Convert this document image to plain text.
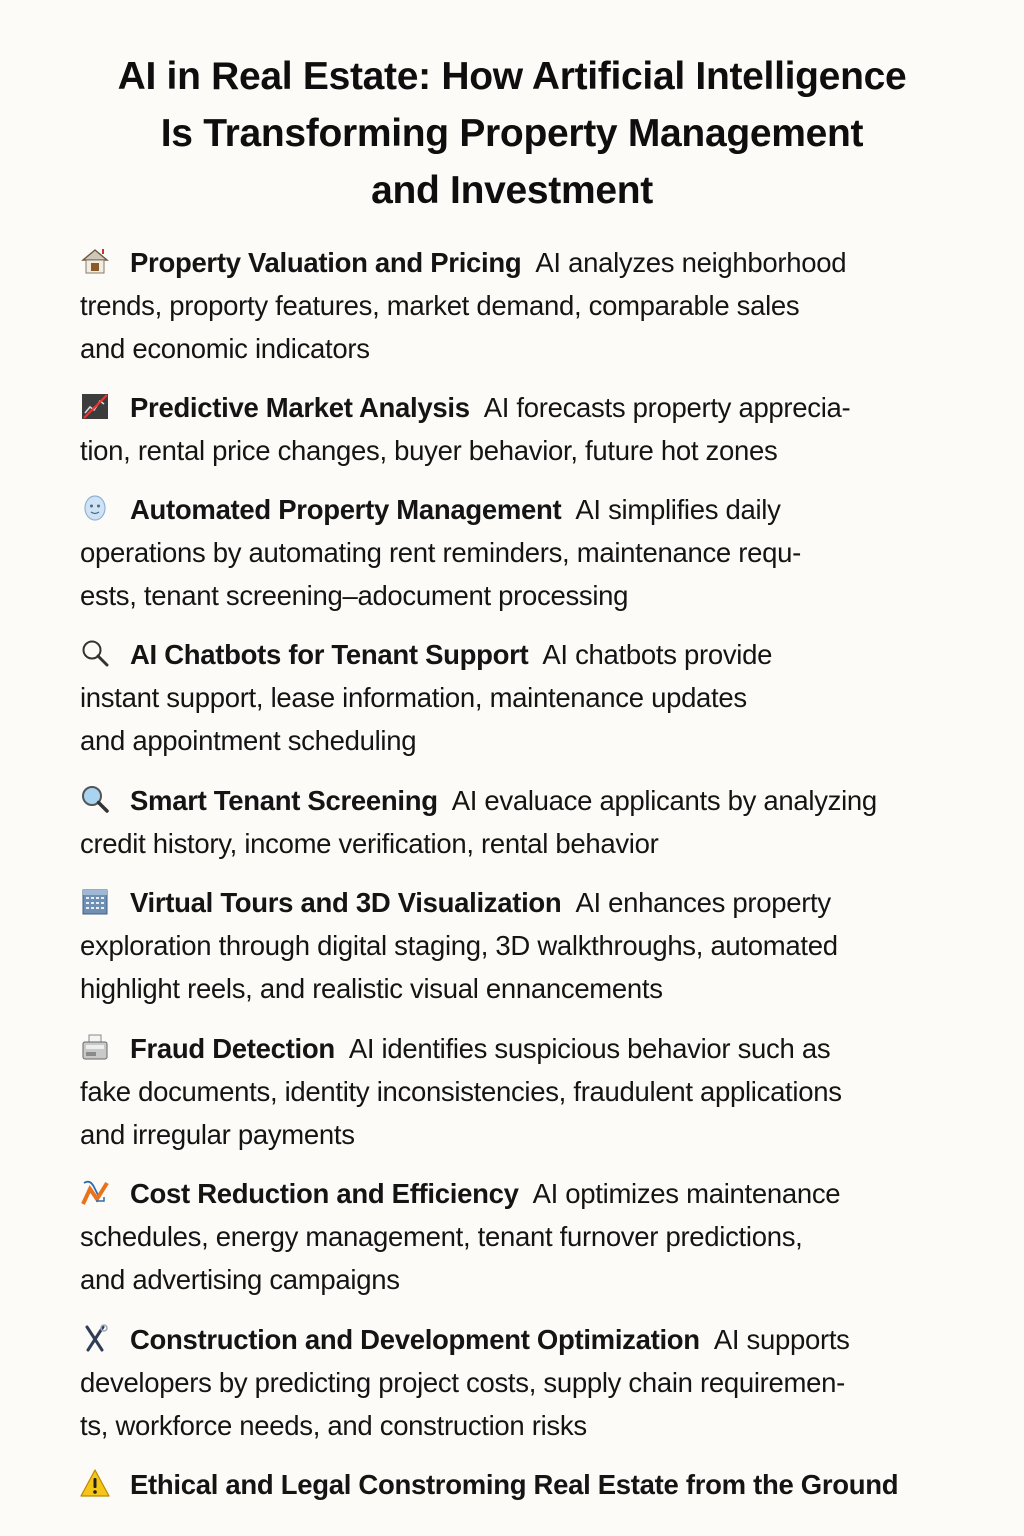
AI in Real Estate: How Artificial Intelligence
Is Transforming Property Management
and Investment
Property Valuation and Pricing AI analyzes neighborhood
trends, proporty features, market demand, comparable sales
and economic indicators
Predictive Market Analysis AI forecasts property apprecia-
tion, rental price changes, buyer behavior, future hot zones
Automated Property Management AI simplifies daily
operations by automating rent reminders, maintenance requ-
ests, tenant screening–adocument processing
AI Chatbots for Tenant Support AI chatbots provide
instant support, lease information, maintenance updates
and appointment scheduling
Smart Tenant Screening AI evaluace applicants by analyzing
credit history, income verification, rental behavior
Virtual Tours and 3D Visualization AI enhances property
exploration through digital staging, 3D walkthroughs, automated
highlight reels, and realistic visual ennancements
Fraud Detection AI identifies suspicious behavior such as
fake documents, identity inconsistencies, fraudulent applications
and irregular payments
Cost Reduction and Efficiency AI optimizes maintenance
schedules, energy management, tenant furnover predictions,
and advertising campaigns
Construction and Development Optimization AI supports
developers by predicting project costs, supply chain requiremen-
ts, workforce needs, and construction risks
Ethical and Legal Constroming Real Estate from the Ground
